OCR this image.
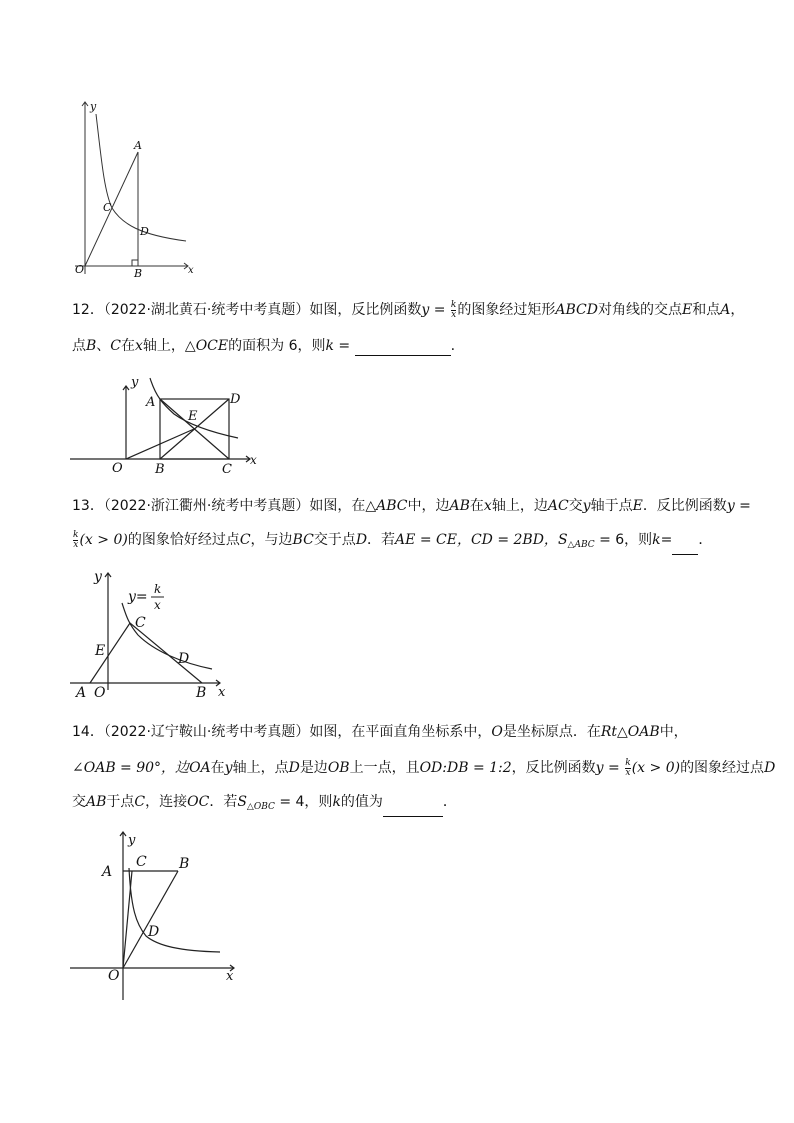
y
A
C
D
O	B	x
12．（2022·湖北黄石·统考中考真题）如图，反比例函数$y = \frac{k}{x}$ 的图象经过矩形ABCD对角线的交点E和点A，
点B、C在x轴上，△OCE的面积为 6，则k =	.
y
A	D
E
O B	C
x
13．（2022·浙江衢州·统考中考真题）如图，在△ABC中，边AB在x轴上，边AC交y轴于点E．反比例函数y =
$\frac{k}{x} (x > 0)$的图象恰好经过点C，与边BC交于点D．若AE = CE，CD = 2BD，$S_{\triangle ABC} = 6$，则k= ．
y
y= k
x
C
E	D
A O	B x
14．（2022·辽宁鞍山·统考中考真题）如图，在平面直角坐标系中，O是坐标原点．在Rt△OAB中，
∠OAB = 90°，边OA在y轴上，点D是边OB上一点，且OD:DB = 1:2，反比例函数$y = \frac{k}{x} (x > 0)$的图象经过点D
交AB于点C，连接OC．若$S_{\triangle OBC} = 4$，则k的值为	．
y
C B
A
D
O	x
